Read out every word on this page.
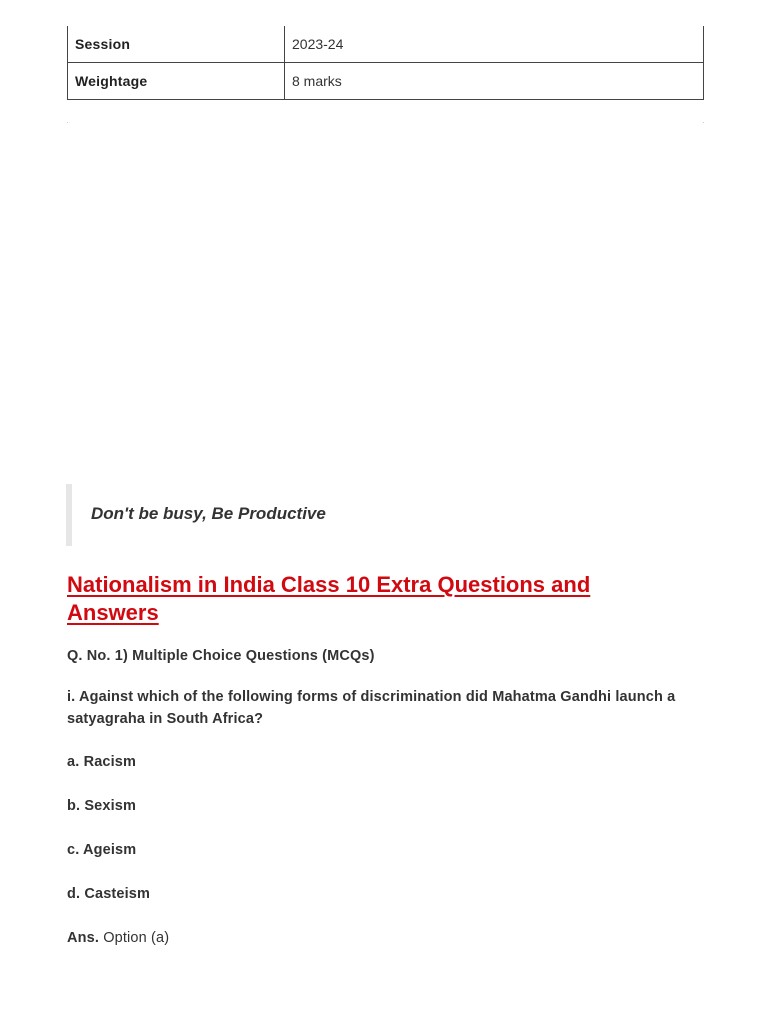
Session	2023-24
Weightage	8 marks
Don't be busy, Be Productive
Nationalism in India Class 10 Extra Questions and Answers

Q. No. 1) Multiple Choice Questions (MCQs)

i. Against which of the following forms of discrimination did Mahatma Gandhi launch a satyagraha in South Africa?

a. Racism

b. Sexism

c. Ageism

d. Casteism

Ans. Option (a)
